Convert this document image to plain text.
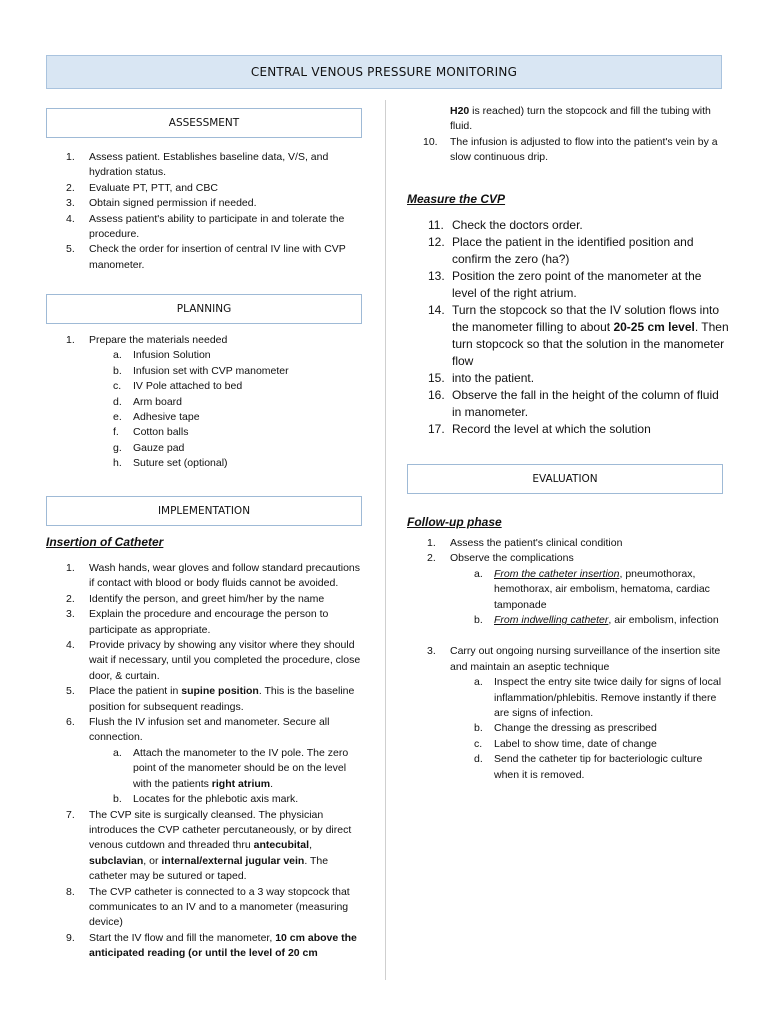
CENTRAL VENOUS PRESSURE MONITORING
ASSESSMENT
1. Assess patient. Establishes baseline data, V/S, and hydration status.
2. Evaluate PT, PTT, and CBC
3. Obtain signed permission if needed.
4. Assess patient's ability to participate in and tolerate the procedure.
5. Check the order for insertion of central IV line with CVP manometer.
PLANNING
1. Prepare the materials needed
a. Infusion Solution
b. Infusion set with CVP manometer
c. IV Pole attached to bed
d. Arm board
e. Adhesive tape
f. Cotton balls
g. Gauze pad
h. Suture set (optional)
IMPLEMENTATION
Insertion of Catheter
1. Wash hands, wear gloves and follow standard precautions if contact with blood or body fluids cannot be avoided.
2. Identify the person, and greet him/her by the name
3. Explain the procedure and encourage the person to participate as appropriate.
4. Provide privacy by showing any visitor where they should wait if necessary, until you completed the procedure, close door, & curtain.
5. Place the patient in supine position. This is the baseline position for subsequent readings.
6. Flush the IV infusion set and manometer. Secure all connection.
a. Attach the manometer to the IV pole. The zero point of the manometer should be on the level with the patients right atrium.
b. Locates for the phlebotic axis mark.
7. The CVP site is surgically cleansed. The physician introduces the CVP catheter percutaneously, or by direct venous cutdown and threaded thru antecubital, subclavian, or internal/external jugular vein. The catheter may be sutured or taped.
8. The CVP catheter is connected to a 3 way stopcock that communicates to an IV and to a manometer (measuring device)
9. Start the IV flow and fill the manometer, 10 cm above the anticipated reading (or until the level of 20 cm
H20 is reached) turn the stopcock and fill the tubing with fluid.
10. The infusion is adjusted to flow into the patient's vein by a slow continuous drip.
Measure the CVP
11. Check the doctors order.
12. Place the patient in the identified position and confirm the zero (ha?)
13. Position the zero point of the manometer at the level of the right atrium.
14. Turn the stopcock so that the IV solution flows into the manometer filling to about 20-25 cm level. Then turn stopcock so that the solution in the manometer flow
15. into the patient.
16. Observe the fall in the height of the column of fluid in manometer.
17. Record the level at which the solution
EVALUATION
Follow-up phase
1. Assess the patient's clinical condition
2. Observe the complications
a. From the catheter insertion, pneumothorax, hemothorax, air embolism, hematoma, cardiac tamponade
b. From indwelling catheter, air embolism, infection
3. Carry out ongoing nursing surveillance of the insertion site and maintain an aseptic technique
a. Inspect the entry site twice daily for signs of local inflammation/phlebitis. Remove instantly if there are signs of infection.
b. Change the dressing as prescribed
c. Label to show time, date of change
d. Send the catheter tip for bacteriologic culture when it is removed.
